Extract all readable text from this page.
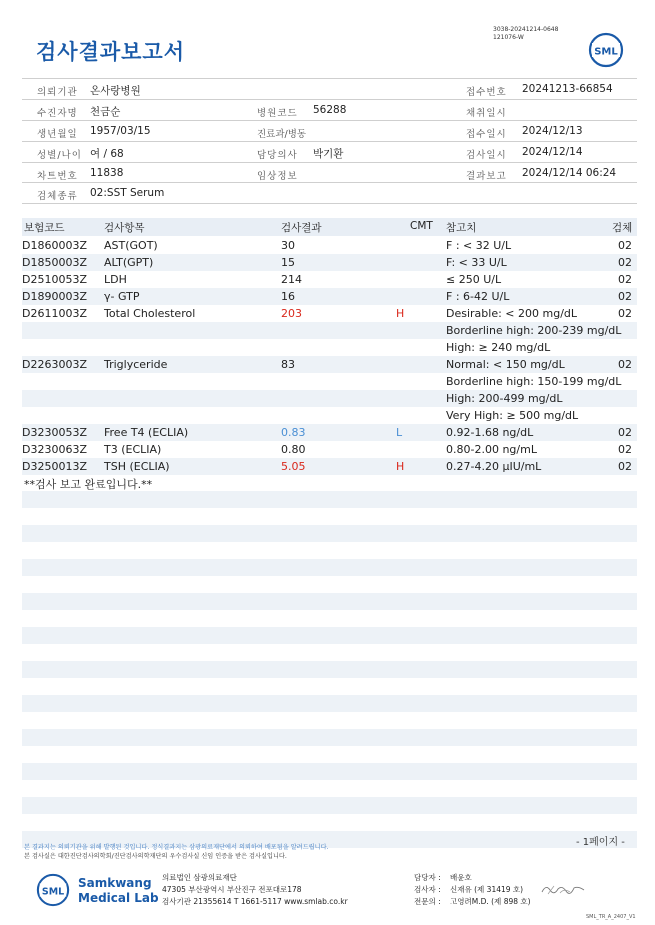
검사결과보고서
3038-20241214-0648
121076-W
SML
의뢰기관 온사랑병원	접수번호 20241213-66854
수진자명 천금순	병원코드 56288	채취일시
생년월일 1957/03/15	진료과/병동	접수일시 2024/12/13
성별/나이 여 / 68	담당의사 박기환	검사일시 2024/12/14
차트번호 11838	임상정보	결과보고 2024/12/14 06:24
검체종류 02:SST Serum
보험코드	검사항목	검사결과	CMT 참고치	검체
D1860003Z AST(GOT)	30	F : < 32 U/L	02
D1850003Z ALT(GPT)	15	F: < 33 U/L	02
D2510053Z LDH	214	≤ 250 U/L	02
D1890003Z γ- GTP	16	F : 6-42 U/L	02
D2611003Z Total Cholesterol	203	H	Desirable: < 200 mg/dL	02
Borderline high: 200-239 mg/dL
High: ≥ 240 mg/dL
D2263003Z Triglyceride	83	Normal: < 150 mg/dL	02
Borderline high: 150-199 mg/dL
High: 200-499 mg/dL
Very High: ≥ 500 mg/dL
D3230053Z Free T4 (ECLIA)	0.83	L	0.92-1.68 ng/dL	02
D3230063Z T3 (ECLIA)	0.80	0.80-2.00 ng/mL	02
D3250013Z TSH (ECLIA)	5.05	H	0.27-4.20 μIU/mL	02
**검사 보고 완료입니다.**
- 1페이지 -
본 결과지는 의뢰기관을 위해 발행된 것입니다. 정식결과지는 삼광의료재단에서 의뢰하여 배포됨을 알려드립니다.
본 검사실은 대한진단검사의학회/진단검사의학재단의 우수검사실 신임 인증을 받은 검사실입니다.
SML
Samkwang
Medical Lab
의료법인 삼광의료재단
47305 부산광역시 부산진구 전포대로178
검사기관 21355614 T 1661-5117 www.smlab.co.kr
담당자 : 배윤호
검사자 : 신재유 (제 31419 호)
전문의 : 고영려M.D. (제 898 호)
SML_TR_A_2407_V1
